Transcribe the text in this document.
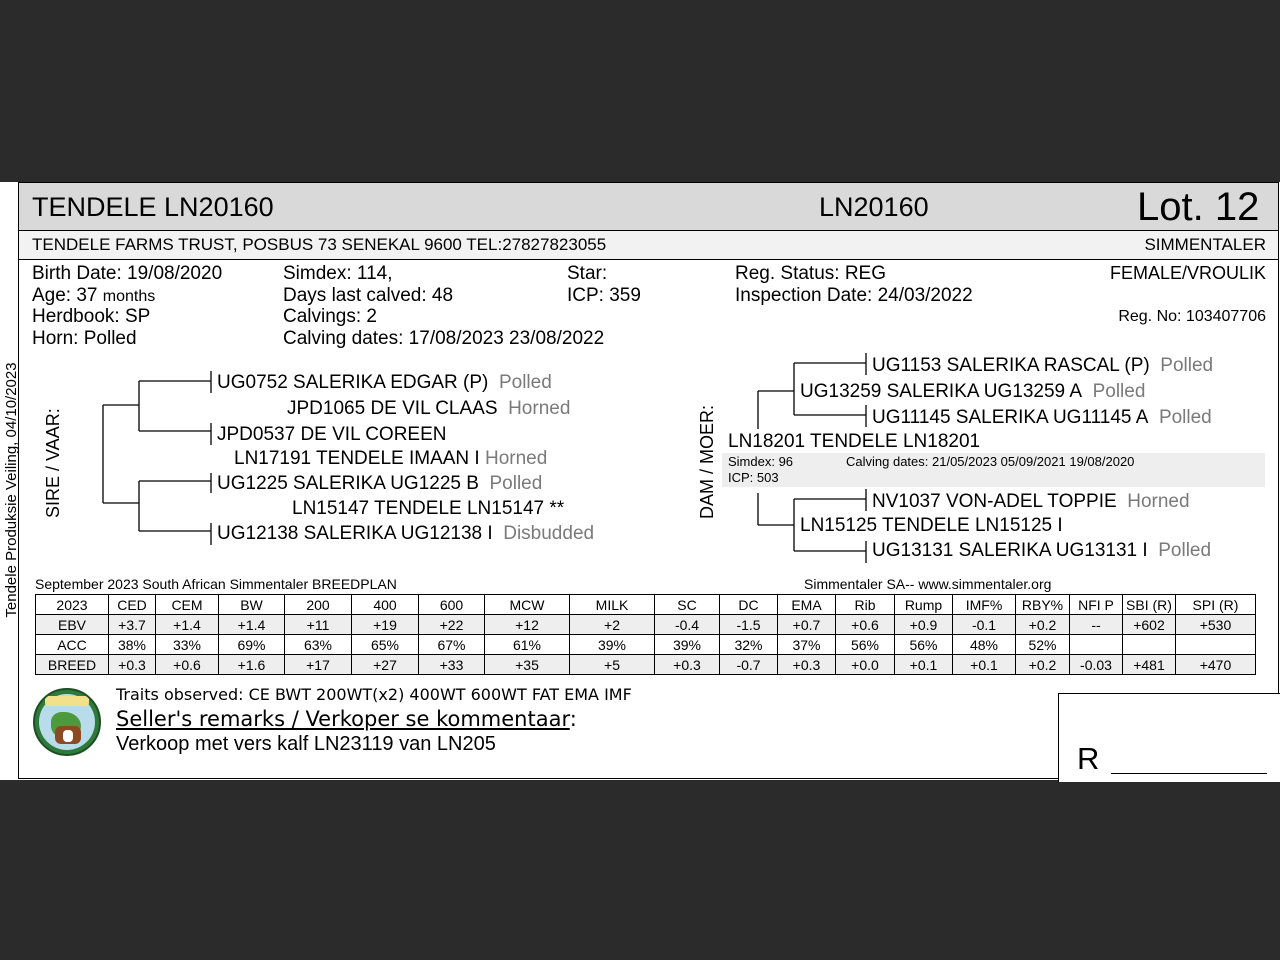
Tendele Produksie Veiling, 04/10/2023
TENDELE LN20160	LN20160	Lot. 12
TENDELE FARMS TRUST, POSBUS 73 SENEKAL 9600 TEL:27827823055	SIMMENTALER
Birth Date: 19/08/2020
Age: 37 months
Herdbook: SP
Horn: Polled
Simdex: 114,
Days last calved: 48
Calvings: 2
Calving dates: 17/08/2023 23/08/2022
Star:
ICP: 359
Reg. Status: REG
Inspection Date: 24/03/2022
FEMALE/VROULIK
Reg. No: 103407706
SIRE / VAAR:
UG0752 SALERIKA EDGAR (P) Polled
JPD1065 DE VIL CLAAS Horned
JPD0537 DE VIL COREEN
LN17191 TENDELE IMAAN I Horned
UG1225 SALERIKA UG1225 B Polled
LN15147 TENDELE LN15147 **
UG12138 SALERIKA UG12138 I Disbudded
DAM / MOER:
UG1153 SALERIKA RASCAL (P) Polled
UG13259 SALERIKA UG13259 A Polled
UG11145 SALERIKA UG11145 A Polled
LN18201 TENDELE LN18201
Simdex: 96	Calving dates: 21/05/2023 05/09/2021 19/08/2020
ICP: 503
NV1037 VON-ADEL TOPPIE Horned
LN15125 TENDELE LN15125 I
UG13131 SALERIKA UG13131 I Polled
September 2023 South African Simmentaler BREEDPLAN	Simmentaler SA-- www.simmentaler.org
2023	CED	CEM	BW	200	400	600	MCW	MILK	SC	DC	EMA	Rib	Rump	IMF%	RBY%	NFI P	SBI (R)	SPI (R)
EBV	+3.7	+1.4	+1.4	+11	+19	+22	+12	+2	-0.4	-1.5	+0.7	+0.6	+0.9	-0.1	+0.2	--	+602	+530
ACC	38%	33%	69%	63%	65%	67%	61%	39%	39%	32%	37%	56%	56%	48%	52%			
BREED	+0.3	+0.6	+1.6	+17	+27	+33	+35	+5	+0.3	-0.7	+0.3	+0.0	+0.1	+0.1	+0.2	-0.03	+481	+470
Traits observed: CE BWT 200WT(x2) 400WT 600WT FAT EMA IMF
Seller's remarks / Verkoper se kommentaar:
Verkoop met vers kalf LN23119 van LN205	R
